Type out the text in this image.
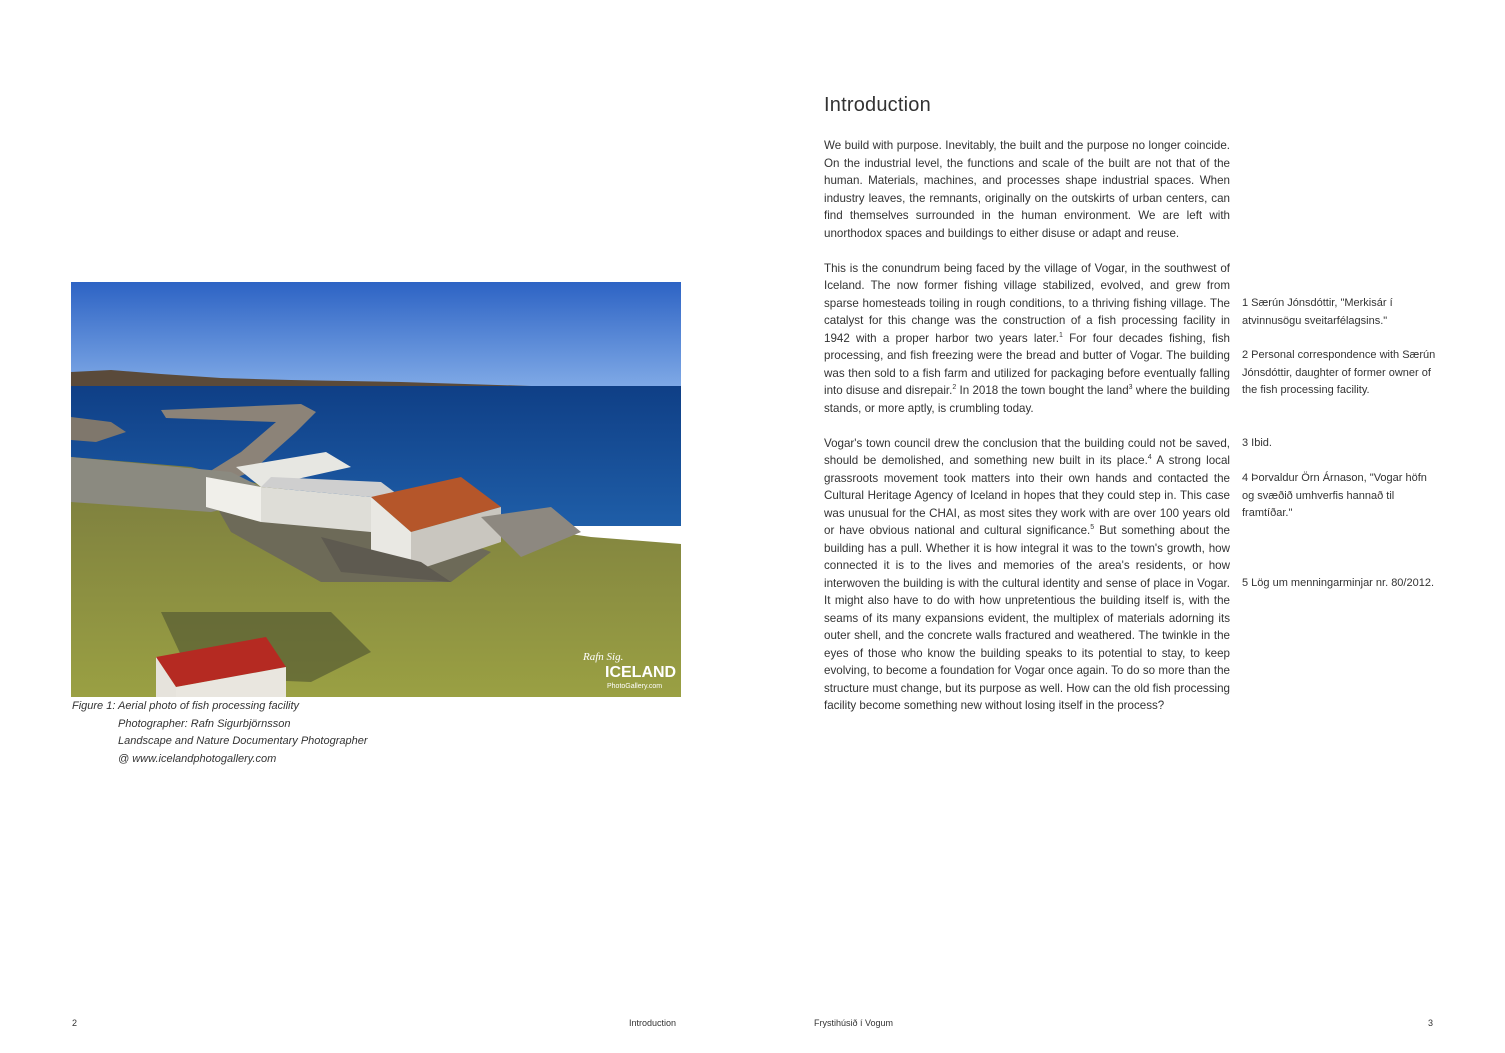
Rafn Sig.
ICELAND
PhotoGallery.com
Figure 1: Aerial photo of fish processing facility
Photographer: Rafn Sigurbjörnsson
Landscape and Nature Documentary Photographer
@ www.icelandphotogallery.com
2	Introduction
Introduction

We build with purpose. Inevitably, the built and the purpose no longer coincide. On the industrial level, the functions and scale of the built are not that of the human. Materials, machines, and processes shape industrial spaces. When industry leaves, the remnants, originally on the outskirts of urban centers, can find themselves surrounded in the human environment. We are left with unorthodox spaces and buildings to either disuse or adapt and reuse.

This is the conundrum being faced by the village of Vogar, in the southwest of Iceland. The now former fishing village stabilized, evolved, and grew from sparse homesteads toiling in rough conditions, to a thriving fishing village. The catalyst for this change was the construction of a fish processing facility in 1942 with a proper harbor two years later.$^1$ For four decades fishing, fish processing, and fish freezing were the bread and butter of Vogar. The building was then sold to a fish farm and utilized for packaging before eventually falling into disuse and disrepair.$^2$ In 2018 the town bought the land$^3$ where the building stands, or more aptly, is crumbling today.

Vogar's town council drew the conclusion that the building could not be saved, should be demolished, and something new built in its place.$^4$ A strong local grassroots movement took matters into their own hands and contacted the Cultural Heritage Agency of Iceland in hopes that they could step in. This case was unusual for the CHAI, as most sites they work with are over 100 years old or have obvious national and cultural significance.$^5$ But something about the building has a pull. Whether it is how integral it was to the town's growth, how connected it is to the lives and memories of the area's residents, or how interwoven the building is with the cultural identity and sense of place in Vogar. It might also have to do with how unpretentious the building itself is, with the seams of its many expansions evident, the multiplex of materials adorning its outer shell, and the concrete walls fractured and weathered. The twinkle in the eyes of those who know the building speaks to its potential to stay, to keep evolving, to become a foundation for Vogar once again. To do so more than the structure must change, but its purpose as well. How can the old fish processing facility become something new without losing itself in the process?

1 Særún Jónsdóttir, "Merkisár í atvinnusögu sveitarfélagsins."
2 Personal correspondence with Særún Jónsdóttir, daughter of former owner of the fish processing facility.
3 Ibid.
4 Þorvaldur Örn Árnason, "Vogar höfn og svæðið umhverfis hannað til framtíðar."
5 Lög um menningarminjar nr. 80/2012.
Frystihúsið í Vogum	3
